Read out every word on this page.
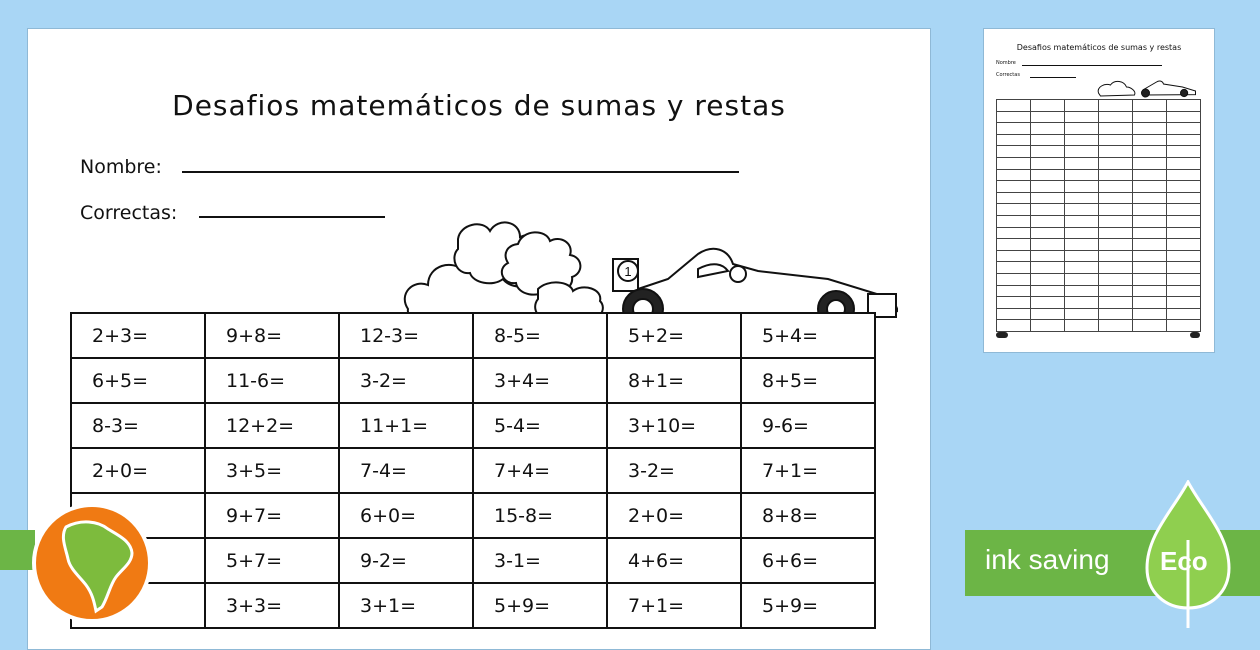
Desafios matemáticos de sumas y restas
Nombre:
Correctas:
1
2+3=	9+8=	12-3=	8-5=	5+2=	5+4=
6+5=	11-6=	3-2=	3+4=	8+1=	8+5=
8-3=	12+2=	11+1=	5-4=	3+10=	9-6=
2+0=	3+5=	7-4=	7+4=	3-2=	7+1=
	9+7=	6+0=	15-8=	2+0=	8+8=
	5+7=	9-2=	3-1=	4+6=	6+6=
	3+3=	3+1=	5+9=	7+1=	5+9=
Desafios matemáticos de sumas y restas
Nombre
Correctas

ink saving Eco
